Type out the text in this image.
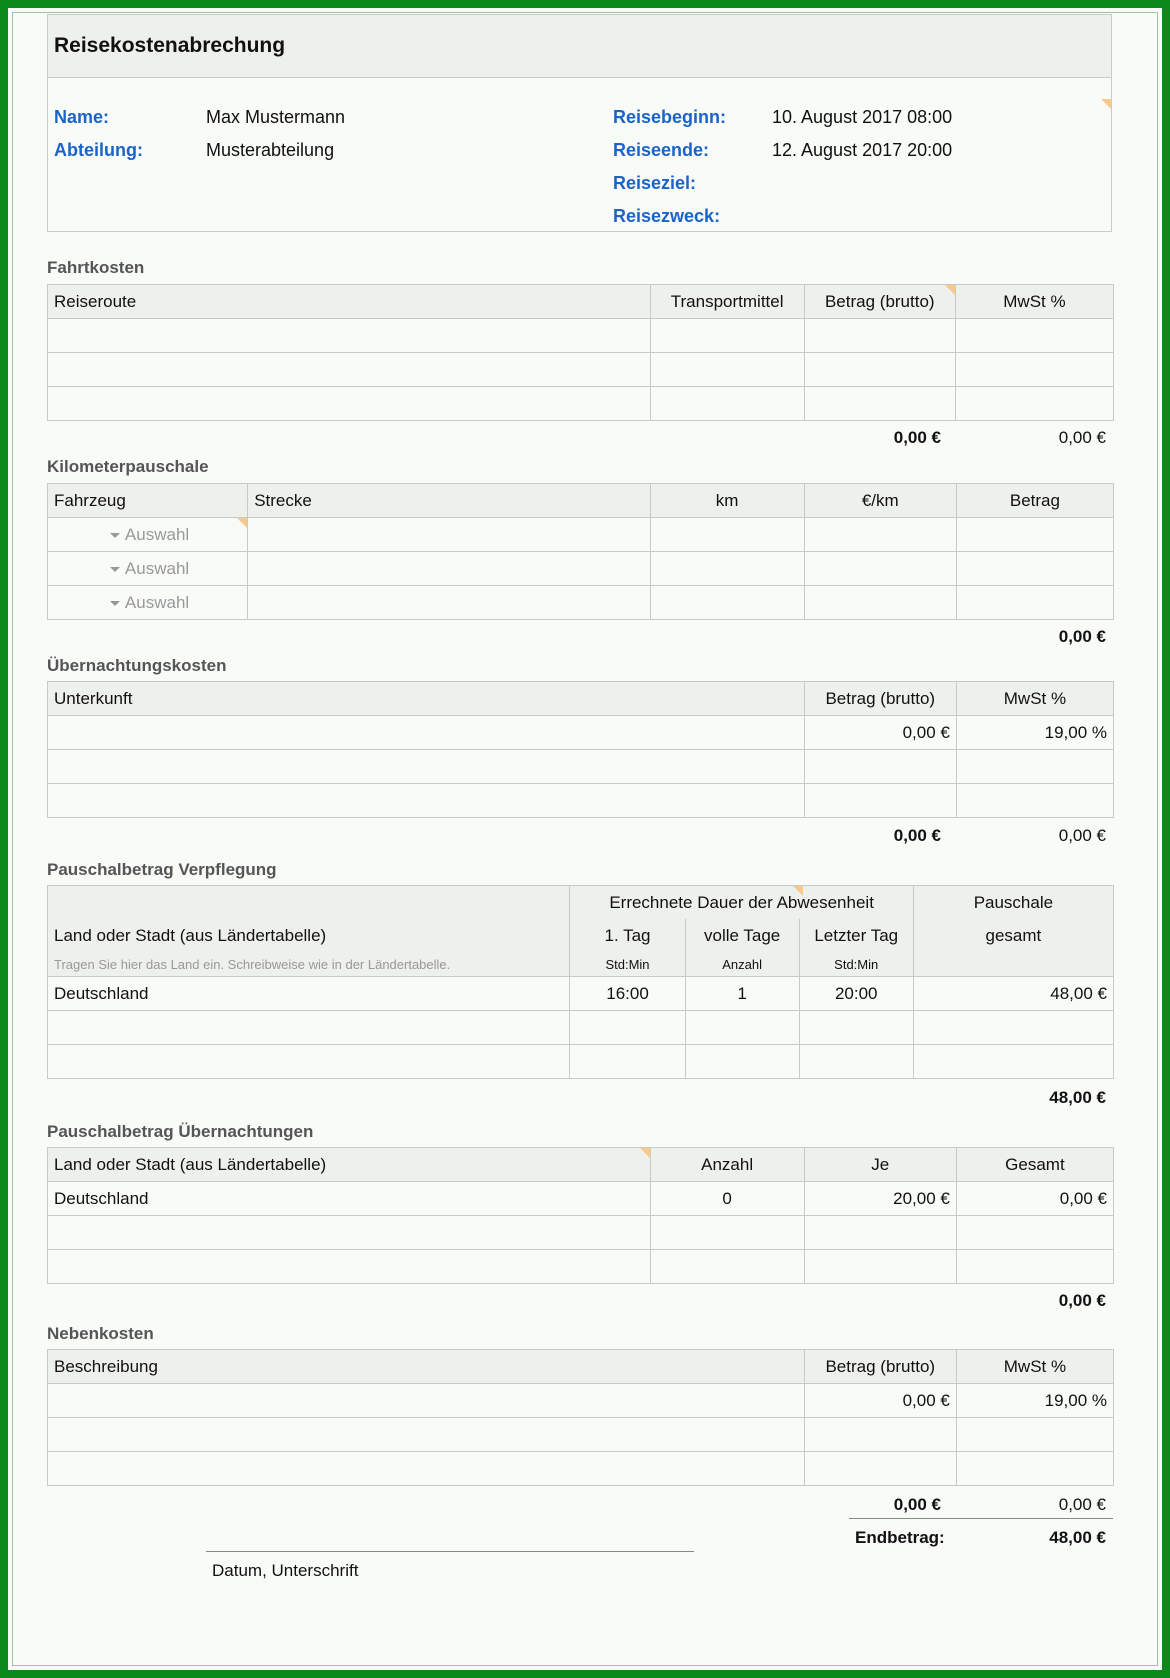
Reisekostenabrechung
Name:	Max Mustermann
Abteilung:	Musterabteilung
Reisebeginn:	10. August 2017 08:00
Reiseende:	12. August 2017 20:00
Reiseziel:
Reisezweck:
Fahrtkosten
Reiseroute	Transportmittel	Betrag (brutto)	MwSt %

0,00 €	0,00 €
Kilometerpauschale
Fahrzeug	Strecke	km	€/km	Betrag
Auswahl

Auswahl				
Auswahl				
0,00 €
Übernachtungskosten
Unterkunft	Betrag (brutto)	MwSt %
	0,00 €	19,00 %

0,00 €	0,00 €
Pauschalbetrag Verpflegung
	Errechnete Dauer der Abwesenheit			Pauschale
Land oder Stadt (aus Ländertabelle)	1. Tag	volle Tage	Letzter Tag	gesamt
Tragen Sie hier das Land ein. Schreibweise wie in der Ländertabelle.	Std:Min	Anzahl	Std:Min	
Deutschland	16:00	1	20:00	48,00 €

48,00 €
Pauschalbetrag Übernachtungen
Land oder Stadt (aus Ländertabelle)	Anzahl	Je	Gesamt
Deutschland	0	20,00 €	0,00 €

0,00 €
Nebenkosten
Beschreibung	Betrag (brutto)	MwSt %
	0,00 €	19,00 %

0,00 €	0,00 €
Endbetrag:	48,00 €
Datum, Unterschrift
